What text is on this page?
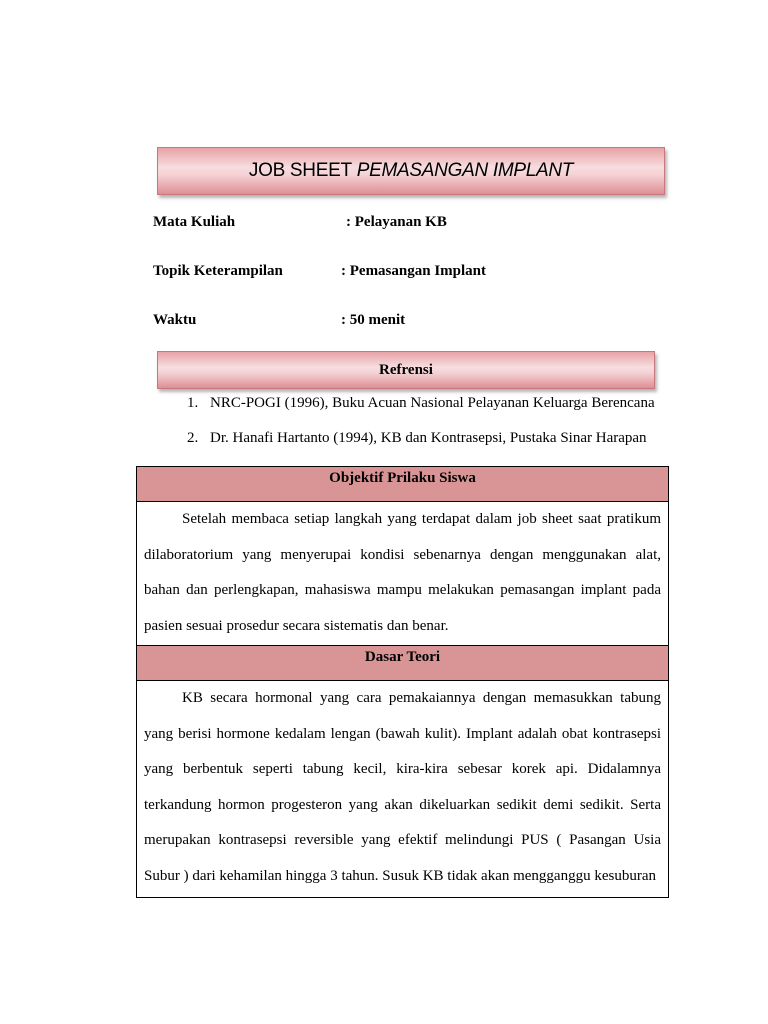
JOB SHEET PEMASANGAN IMPLANT
Mata Kuliah	: Pelayanan KB
Topik Keterampilan	: Pemasangan Implant
Waktu	: 50 menit
Refrensi
1. NRC-POGI (1996), Buku Acuan Nasional Pelayanan Keluarga Berencana
2. Dr. Hanafi Hartanto (1994), KB dan Kontrasepsi, Pustaka Sinar Harapan
Objektif Prilaku Siswa
Setelah membaca setiap langkah yang terdapat dalam job sheet saat pratikum dilaboratorium yang menyerupai kondisi sebenarnya dengan menggunakan alat, bahan dan perlengkapan, mahasiswa mampu melakukan pemasangan implant pada pasien sesuai prosedur secara sistematis dan benar.
Dasar Teori
KB secara hormonal yang cara pemakaiannya dengan memasukkan tabung yang berisi hormone kedalam lengan (bawah kulit). Implant adalah obat kontrasepsi yang berbentuk seperti tabung kecil, kira-kira sebesar korek api. Didalamnya terkandung hormon progesteron yang akan dikeluarkan sedikit demi sedikit. Serta merupakan kontrasepsi reversible yang efektif melindungi PUS ( Pasangan Usia Subur ) dari kehamilan hingga 3 tahun. Susuk KB tidak akan mengganggu kesuburan
